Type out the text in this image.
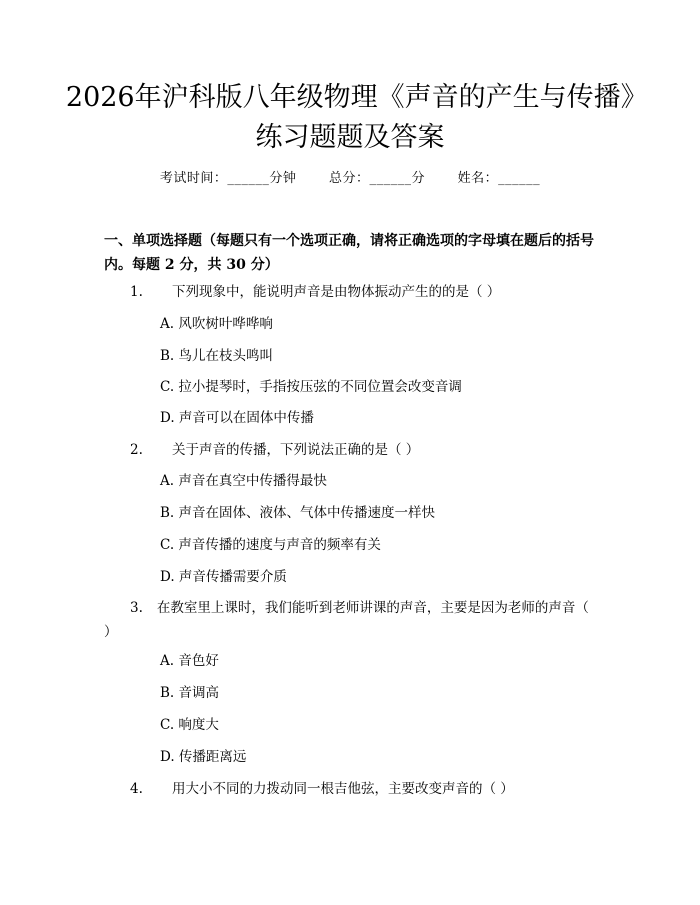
2026年沪科版八年级物理《声音的产生与传播》练习题题及答案
考试时间：______分钟	总分：______分	姓名：______
一、单项选择题（每题只有一个选项正确，请将正确选项的字母填在题后的括号内。每题 2 分，共 30 分）
1. 下列现象中，能说明声音是由物体振动产生的的是（ ）
A. 风吹树叶哗哗响
B. 鸟儿在枝头鸣叫
C. 拉小提琴时，手指按压弦的不同位置会改变音调
D. 声音可以在固体中传播
2. 关于声音的传播，下列说法正确的是（ ）
A. 声音在真空中传播得最快
B. 声音在固体、液体、气体中传播速度一样快
C. 声音传播的速度与声音的频率有关
D. 声音传播需要介质
3. 在教室里上课时，我们能听到老师讲课的声音，主要是因为老师的声音（ ）
A. 音色好
B. 音调高
C. 响度大
D. 传播距离远
4. 用大小不同的力拨动同一根吉他弦，主要改变声音的（ ）
